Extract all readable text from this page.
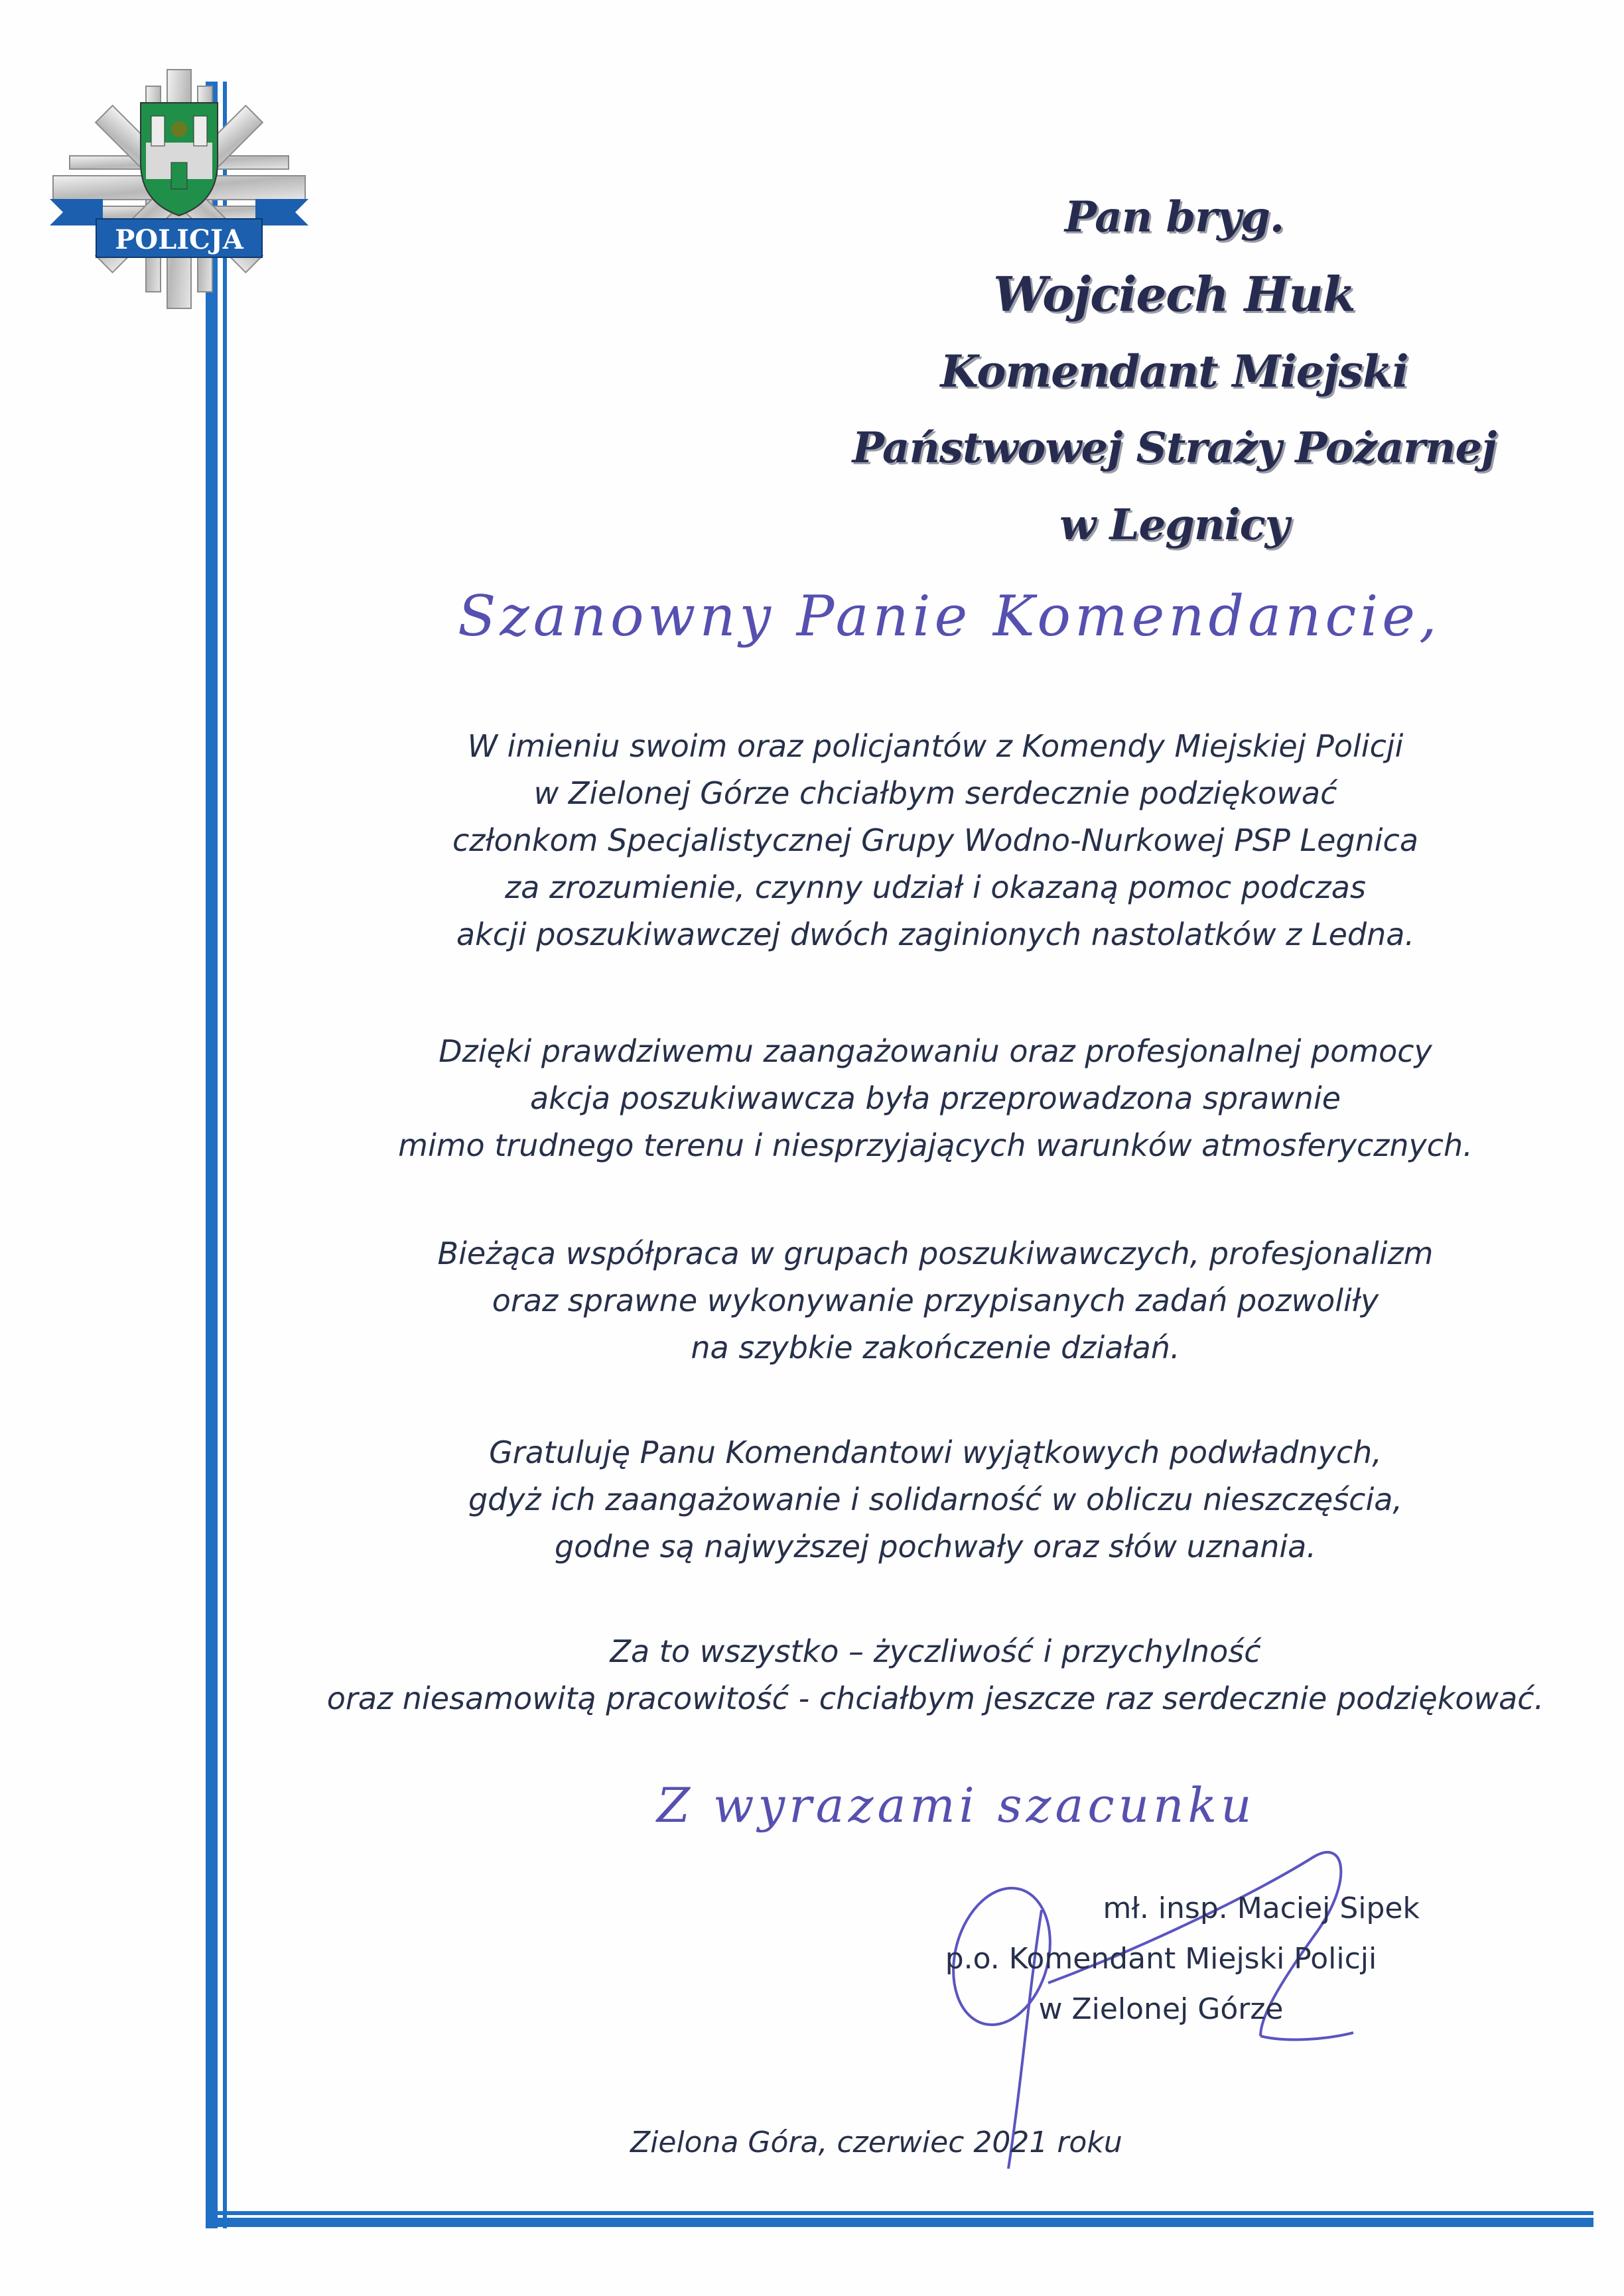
POLICJA	Pan bryg.
Wojciech Huk
Komendant Miejski
Państwowej Straży Pożarnej
w Legnicy
Szanowny Panie Komendancie,
W imieniu swoim oraz policjantów z Komendy Miejskiej Policji
w Zielonej Górze chciałbym serdecznie podziękować
członkom Specjalistycznej Grupy Wodno-Nurkowej PSP Legnica
za zrozumienie, czynny udział i okazaną pomoc podczas
akcji poszukiwawczej dwóch zaginionych nastolatków z Ledna.
Dzięki prawdziwemu zaangażowaniu oraz profesjonalnej pomocy
akcja poszukiwawcza była przeprowadzona sprawnie
mimo trudnego terenu i niesprzyjających warunków atmosferycznych.
Bieżąca współpraca w grupach poszukiwawczych, profesjonalizm
oraz sprawne wykonywanie przypisanych zadań pozwoliły
na szybkie zakończenie działań.
Gratuluję Panu Komendantowi wyjątkowych podwładnych,
gdyż ich zaangażowanie i solidarność w obliczu nieszczęścia,
godne są najwyższej pochwały oraz słów uznania.
Za to wszystko – życzliwość i przychylność
oraz niesamowitą pracowitość - chciałbym jeszcze raz serdecznie podziękować.
Z wyrazami szacunku
mł. insp. Maciej Sipek
p.o. Komendant Miejski Policji
w Zielonej Górze
Zielona Góra, czerwiec 2021 roku
